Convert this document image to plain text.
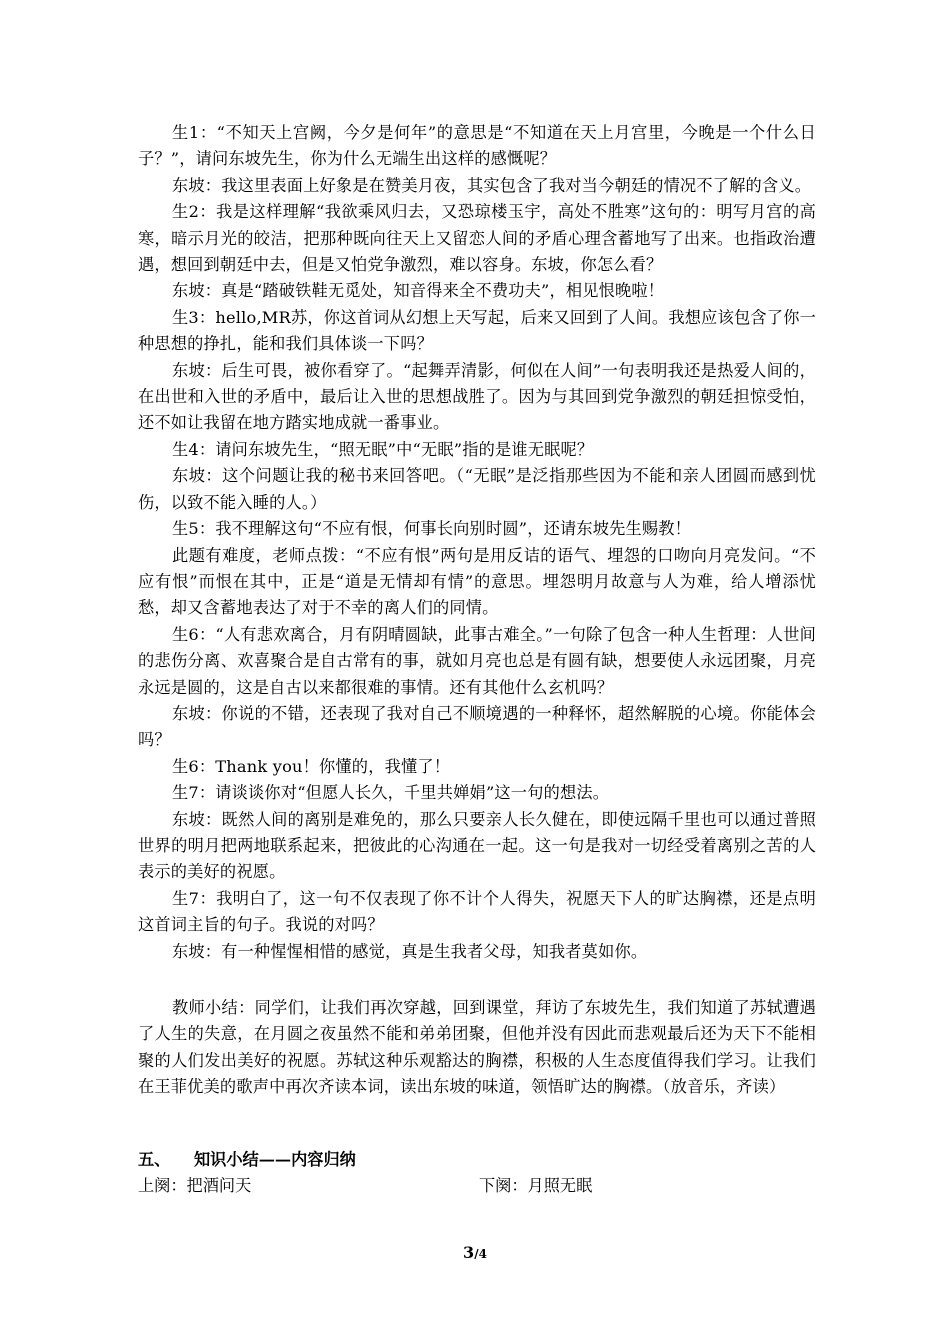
生1：“不知天上宫阙，今夕是何年”的意思是“不知道在天上月宫里，今晚是一个什么日子？”，请问东坡先生，你为什么无端生出这样的感慨呢？

东坡：我这里表面上好象是在赞美月夜，其实包含了我对当今朝廷的情况不了解的含义。

生2：我是这样理解“我欲乘风归去，又恐琼楼玉宇，高处不胜寒”这句的：明写月宫的高寒，暗示月光的皎洁，把那种既向往天上又留恋人间的矛盾心理含蓄地写了出来。也指政治遭遇，想回到朝廷中去，但是又怕党争激烈，难以容身。东坡，你怎么看？

东坡：真是“踏破铁鞋无觅处，知音得来全不费功夫”，相见恨晚啦！

生3：hello,MR苏，你这首词从幻想上天写起，后来又回到了人间。我想应该包含了你一种思想的挣扎，能和我们具体谈一下吗？

东坡：后生可畏，被你看穿了。“起舞弄清影，何似在人间”一句表明我还是热爱人间的，在出世和入世的矛盾中，最后让入世的思想战胜了。因为与其回到党争激烈的朝廷担惊受怕，还不如让我留在地方踏实地成就一番事业。

生4：请问东坡先生，“照无眠”中“无眠”指的是谁无眠呢？

东坡：这个问题让我的秘书来回答吧。（“无眠”是泛指那些因为不能和亲人团圆而感到忧伤，以致不能入睡的人。）

生5：我不理解这句“不应有恨，何事长向别时圆”，还请东坡先生赐教！

此题有难度，老师点拨：“不应有恨”两句是用反诘的语气、埋怨的口吻向月亮发问。“不应有恨”而恨在其中，正是“道是无情却有情”的意思。埋怨明月故意与人为难，给人增添忧愁，却又含蓄地表达了对于不幸的离人们的同情。

生6：“人有悲欢离合，月有阴晴圆缺，此事古难全。”一句除了包含一种人生哲理：人世间的悲伤分离、欢喜聚合是自古常有的事，就如月亮也总是有圆有缺，想要使人永远团聚，月亮永远是圆的，这是自古以来都很难的事情。还有其他什么玄机吗？

东坡：你说的不错，还表现了我对自己不顺境遇的一种释怀，超然解脱的心境。你能体会吗？

生6：Thank you！你懂的，我懂了！

生7：请谈谈你对“但愿人长久，千里共婵娟”这一句的想法。

东坡：既然人间的离别是难免的，那么只要亲人长久健在，即使远隔千里也可以通过普照世界的明月把两地联系起来，把彼此的心沟通在一起。这一句是我对一切经受着离别之苦的人表示的美好的祝愿。

生7：我明白了，这一句不仅表现了你不计个人得失，祝愿天下人的旷达胸襟，还是点明这首词主旨的句子。我说的对吗？

东坡：有一种惺惺相惜的感觉，真是生我者父母，知我者莫如你。

教师小结：同学们，让我们再次穿越，回到课堂，拜访了东坡先生，我们知道了苏轼遭遇了人生的失意，在月圆之夜虽然不能和弟弟团聚，但他并没有因此而悲观最后还为天下不能相聚的人们发出美好的祝愿。苏轼这种乐观豁达的胸襟，积极的人生态度值得我们学习。让我们在王菲优美的歌声中再次齐读本词，读出东坡的味道，领悟旷达的胸襟。（放音乐，齐读）

五、 知识小结——内容归纳

上阕：把酒问天	下阕：月照无眠
3/4
